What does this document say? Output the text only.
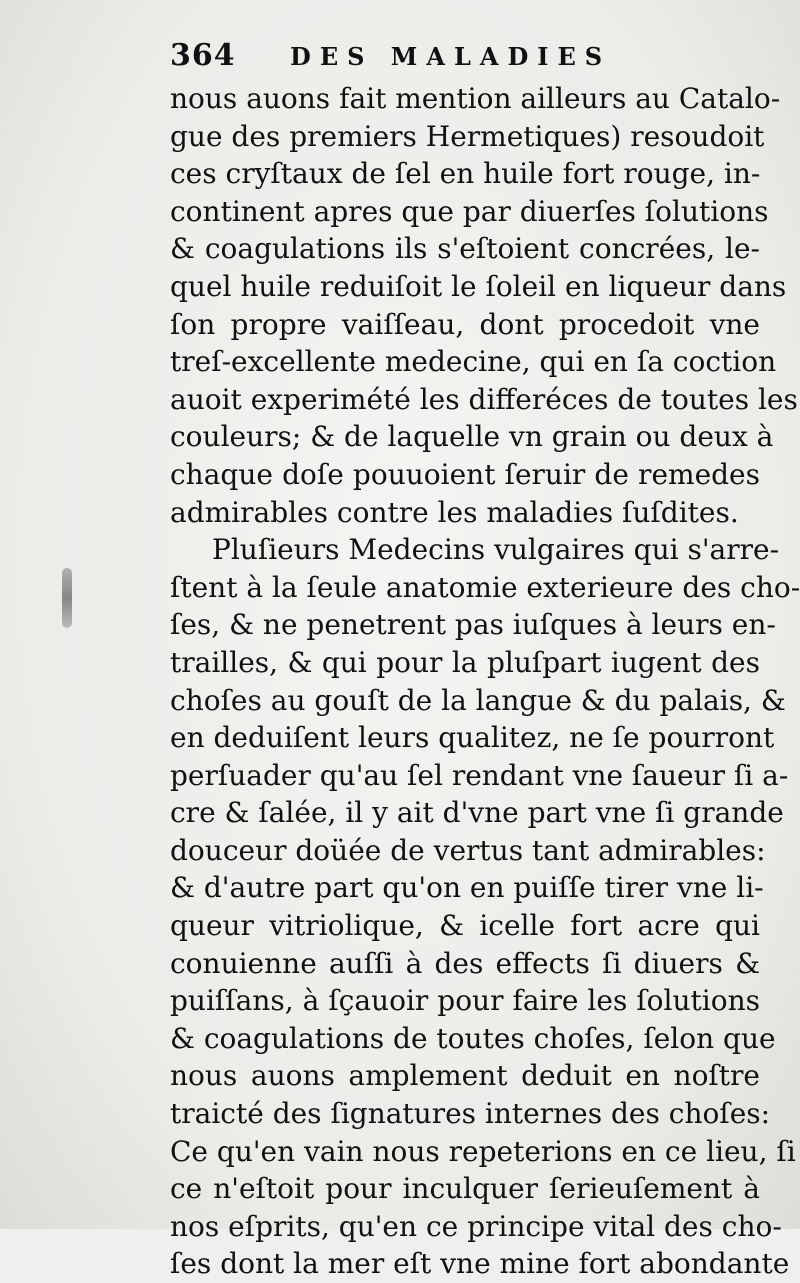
364	DES MALADIES
nous auons fait mention ailleurs au Catalo-
gue des premiers Hermetiques) resoudoit
ces cryſtaux de ſel en huile fort rouge, in-
continent apres que par diuerſes ſolutions
& coagulations ils s'eſtoient concrées, le-
quel huile reduiſoit le ſoleil en liqueur dans
ſon propre vaiſſeau, dont procedoit vne
treſ-excellente medecine, qui en ſa coction
auoit experimété les differéces de toutes les
couleurs; & de laquelle vn grain ou deux à
chaque doſe pouuoient ſeruir de remedes
admirables contre les maladies ſuſdites.
Pluſieurs Medecins vulgaires qui s'arre-
ſtent à la ſeule anatomie exterieure des cho-
ſes, & ne penetrent pas iuſques à leurs en-
trailles, & qui pour la pluſpart iugent des
choſes au gouſt de la langue & du palais, &
en deduiſent leurs qualitez, ne ſe pourront
perſuader qu'au ſel rendant vne ſaueur ſi a-
cre & ſalée, il y ait d'vne part vne ſi grande
douceur doüée de vertus tant admirables:
& d'autre part qu'on en puiſſe tirer vne li-
queur vitriolique, & icelle fort acre qui
conuienne auſſi à des effects ſi diuers &
puiſſans, à ſçauoir pour faire les ſolutions
& coagulations de toutes choſes, ſelon que
nous auons amplement deduit en noſtre
traicté des ſignatures internes des choſes:
Ce qu'en vain nous repeterions en ce lieu, ſi
ce n'eſtoit pour inculquer ſerieuſement à
nos eſprits, qu'en ce principe vital des cho-
ſes dont la mer eſt vne mine fort abondante
